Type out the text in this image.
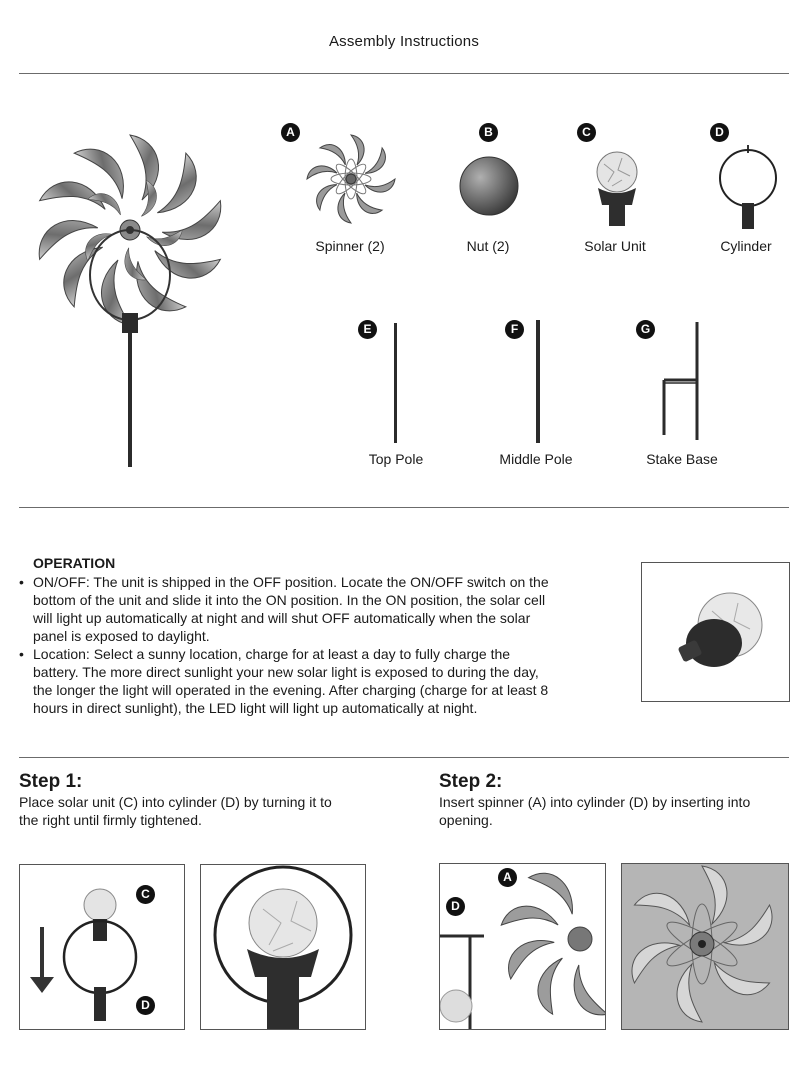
Assembly Instructions
A
Spinner (2)
B
Nut (2)
C
Solar Unit
D
Cylinder
E
Top Pole
F
Middle Pole
G
Stake Base
OPERATION
• ON/OFF: The unit is shipped in the OFF position. Locate the ON/OFF switch on the
bottom of the unit and slide it into the ON position. In the ON position, the solar cell
will light up automatically at night and will shut OFF automatically when the solar
panel is exposed to daylight.
• Location: Select a sunny location, charge for at least a day to fully charge the
battery. The more direct sunlight your new solar light is exposed to during the day,
the longer the light will operated in the evening. After charging (charge for at least 8
hours in direct sunlight), the LED light will light up automatically at night.
Step 1:
Place solar unit (C) into cylinder (D) by turning it to
the right until firmly tightened.
C
D
Step 2:
Insert spinner (A) into cylinder (D) by inserting into
opening.
A
D
